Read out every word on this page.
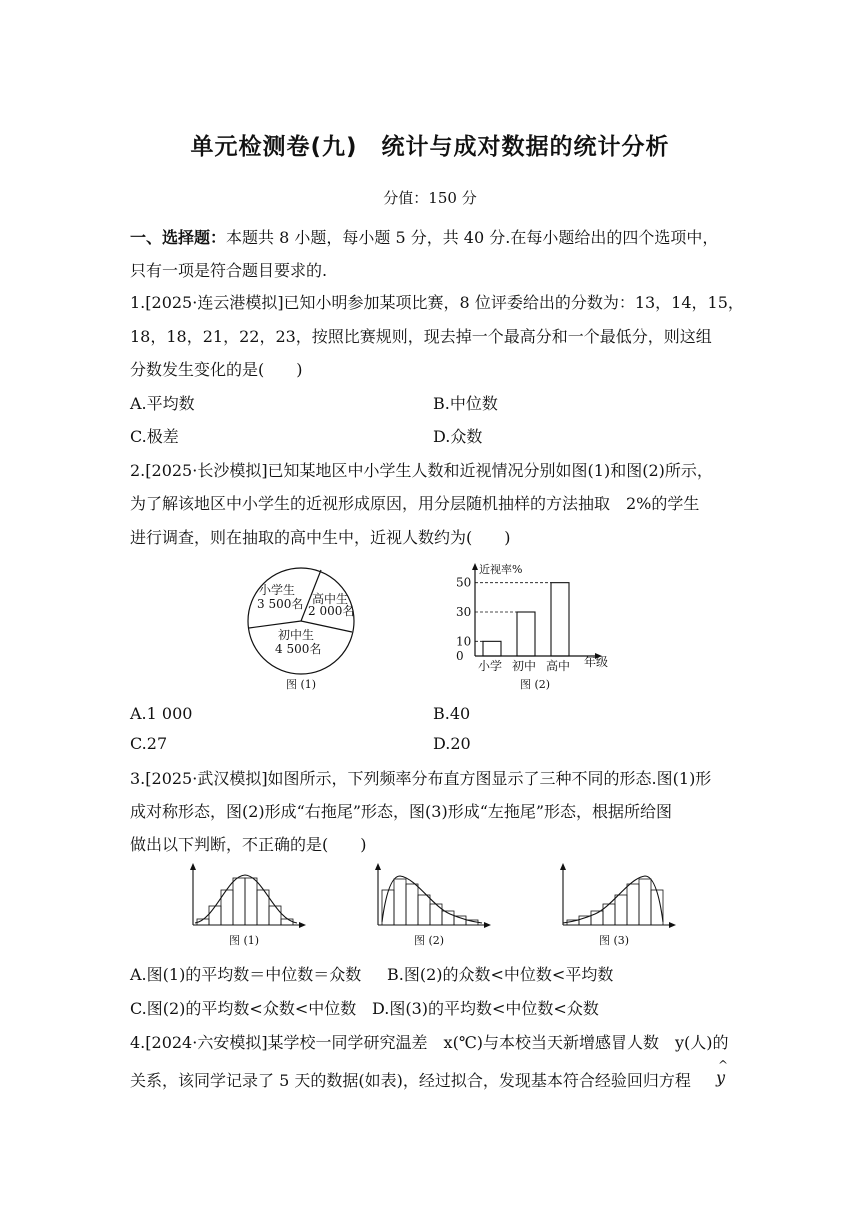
单元检测卷(九)　统计与成对数据的统计分析
分值：150 分
一、选择题：本题共 8 小题，每小题 5 分，共 40 分.在每小题给出的四个选项中，
只有一项是符合题目要求的.
1.[2025·连云港模拟]已知小明参加某项比赛，8 位评委给出的分数为：13，14，15，
18，18，21，22，23，按照比赛规则，现去掉一个最高分和一个最低分，则这组
分数发生变化的是(　　)
A.平均数	B.中位数
C.极差	D.众数
2.[2025·长沙模拟]已知某地区中小学生人数和近视情况分别如图(1)和图(2)所示，
为了解该地区中小学生的近视形成原因，用分层随机抽样的方法抽取　2%的学生
进行调查，则在抽取的高中生中，近视人数约为(　　)
小学生
3 500名 高中生
2 000名
初中生
4 500名
图 (1)
近视率%
年级
0
10
30
50
小学 初中 高中
图 (2)
A.1 000	B.40
C.27	D.20
3.[2025·武汉模拟]如图所示，下列频率分布直方图显示了三种不同的形态.图(1)形
成对称形态，图(2)形成“右拖尾”形态，图(3)形成“左拖尾”形态，根据所给图
做出以下判断，不正确的是(　　)
图 (1)	图 (2)	图 (3)
A.图(1)的平均数＝中位数＝众数 B.图(2)的众数<中位数<平均数
C.图(2)的平均数<众数<中位数 D.图(3)的平均数<中位数<众数
4.[2024·六安模拟]某学校一同学研究温差　x(℃)与本校当天新增感冒人数　y(人)的
关系，该同学记录了 5 天的数据(如表)，经过拟合，发现基本符合经验回归方程
^
y
